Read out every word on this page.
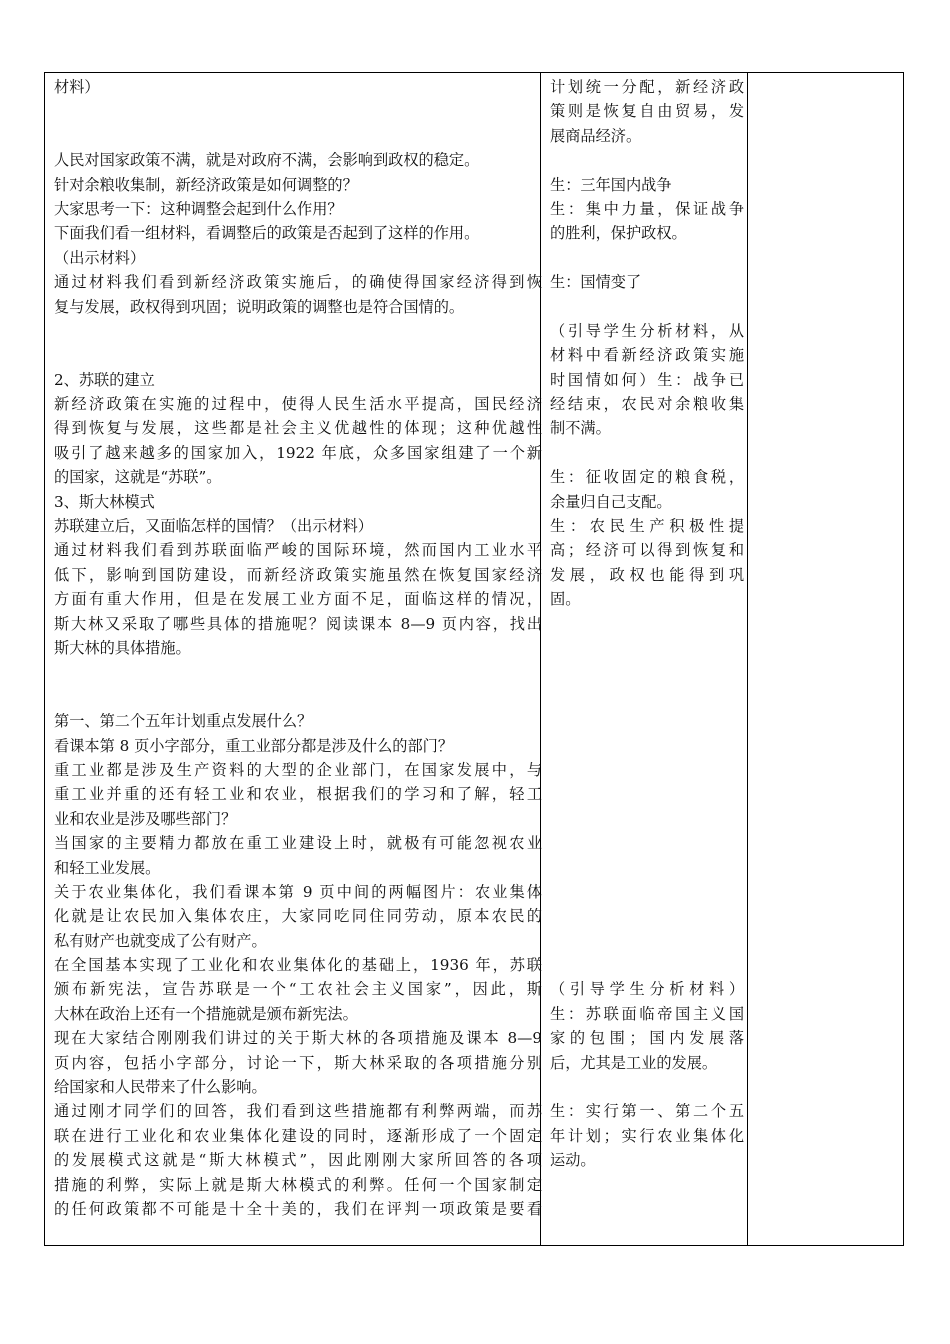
材料）
人民对国家政策不满，就是对政府不满，会影响到政权的稳定。
针对余粮收集制，新经济政策是如何调整的？
大家思考一下：这种调整会起到什么作用？
下面我们看一组材料，看调整后的政策是否起到了这样的作用。
（出示材料）
通过材料我们看到新经济政策实施后，的确使得国家经济得到恢
复与发展，政权得到巩固；说明政策的调整也是符合国情的。
2、苏联的建立
新经济政策在实施的过程中，使得人民生活水平提高，国民经济
得到恢复与发展，这些都是社会主义优越性的体现；这种优越性
吸引了越来越多的国家加入，1922 年底，众多国家组建了一个新
的国家，这就是“苏联”。
3、斯大林模式
苏联建立后，又面临怎样的国情？（出示材料）
通过材料我们看到苏联面临严峻的国际环境，然而国内工业水平
低下，影响到国防建设，而新经济政策实施虽然在恢复国家经济
方面有重大作用，但是在发展工业方面不足，面临这样的情况，
斯大林又采取了哪些具体的措施呢？阅读课本 8—9 页内容，找出
斯大林的具体措施。
第一、第二个五年计划重点发展什么？
看课本第 8 页小字部分，重工业部分都是涉及什么的部门？
重工业都是涉及生产资料的大型的企业部门，在国家发展中，与
重工业并重的还有轻工业和农业，根据我们的学习和了解，轻工
业和农业是涉及哪些部门？
当国家的主要精力都放在重工业建设上时，就极有可能忽视农业
和轻工业发展。
关于农业集体化，我们看课本第 9 页中间的两幅图片：农业集体
化就是让农民加入集体农庄，大家同吃同住同劳动，原本农民的
私有财产也就变成了公有财产。
在全国基本实现了工业化和农业集体化的基础上，1936 年，苏联
颁布新宪法，宣告苏联是一个“工农社会主义国家”，因此，斯
大林在政治上还有一个措施就是颁布新宪法。
现在大家结合刚刚我们讲过的关于斯大林的各项措施及课本 8—9
页内容，包括小字部分，讨论一下，斯大林采取的各项措施分别
给国家和人民带来了什么影响。
通过刚才同学们的回答，我们看到这些措施都有利弊两端，而苏
联在进行工业化和农业集体化建设的同时，逐渐形成了一个固定
的发展模式这就是“斯大林模式”，因此刚刚大家所回答的各项
措施的利弊，实际上就是斯大林模式的利弊。任何一个国家制定
的任何政策都不可能是十全十美的，我们在评判一项政策是要看
计划统一分配，新经济政
策则是恢复自由贸易，发
展商品经济。
生：三年国内战争
生：集中力量，保证战争
的胜利，保护政权。
生：国情变了
（引导学生分析材料，从
材料中看新经济政策实施
时国情如何）生：战争已
经结束，农民对余粮收集
制不满。
生：征收固定的粮食税，
余量归自己支配。
生：农民生产积极性提
高；经济可以得到恢复和
发展，政权也能得到巩
固。
（引导学生分析材料）
生：苏联面临帝国主义国
家的包围；国内发展落
后，尤其是工业的发展。
生：实行第一、第二个五
年计划；实行农业集体化
运动。
